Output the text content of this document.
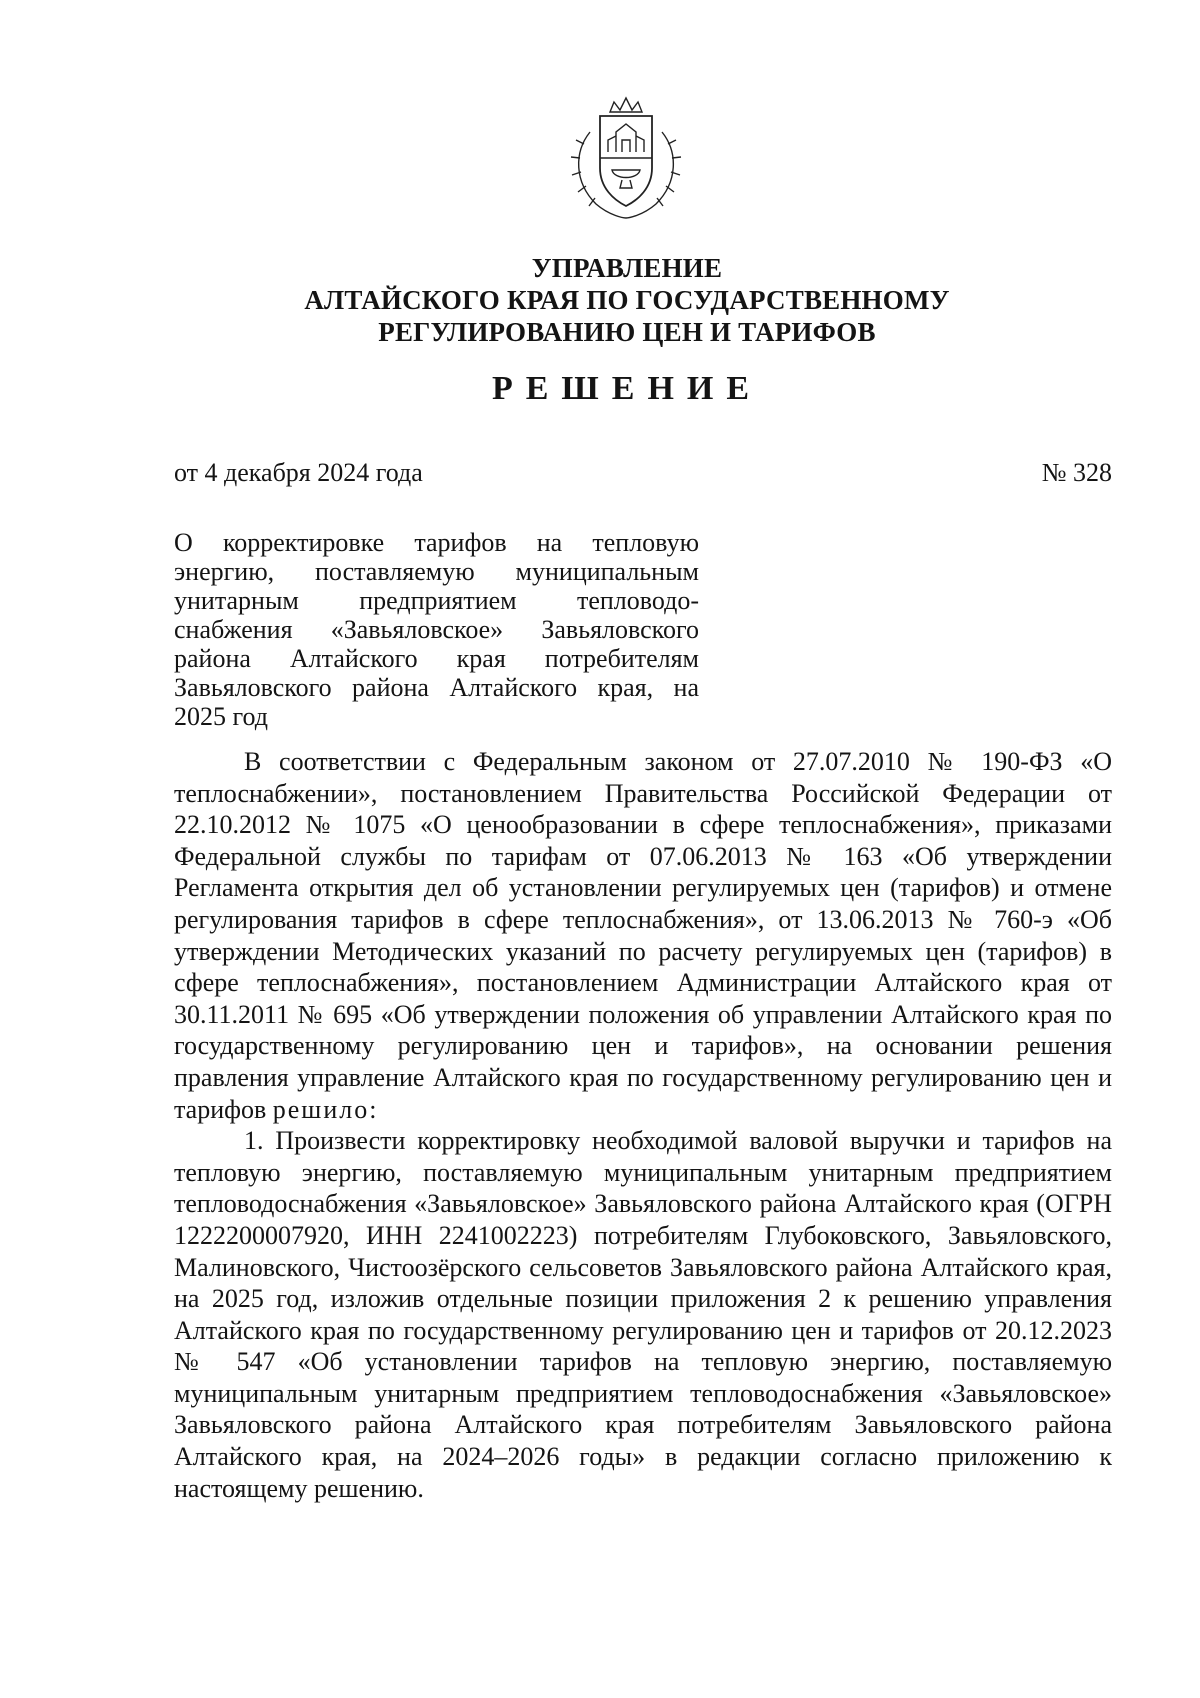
УПРАВЛЕНИЕ
АЛТАЙСКОГО КРАЯ ПО ГОСУДАРСТВЕННОМУ
РЕГУЛИРОВАНИЮ ЦЕН И ТАРИФОВ
РЕШЕНИЕ
от 4 декабря 2024 года	№ 328
О корректировке тарифов на тепловую энергию, поставляемую муниципальным унитарным предприятием тепловодо-снабжения «Завьяловское» Завьяловского района Алтайского края потребителям Завьяловского района Алтайского края, на 2025 год

В соответствии с Федеральным законом от 27.07.2010 № 190-ФЗ «О теплоснабжении», постановлением Правительства Российской Федерации от 22.10.2012 № 1075 «О ценообразовании в сфере теплоснабжения», приказами Федеральной службы по тарифам от 07.06.2013 № 163 «Об утверждении Регламента открытия дел об установлении регулируемых цен (тарифов) и отмене регулирования тарифов в сфере теплоснабжения», от 13.06.2013 № 760-э «Об утверждении Методических указаний по расчету регулируемых цен (тарифов) в сфере теплоснабжения», постановлением Администрации Алтайского края от 30.11.2011 № 695 «Об утверждении положения об управлении Алтайского края по государственному регулированию цен и тарифов», на основании решения правления управление Алтайского края по государственному регулированию цен и тарифов решило:

1. Произвести корректировку необходимой валовой выручки и тарифов на тепловую энергию, поставляемую муниципальным унитарным предприятием тепловодоснабжения «Завьяловское» Завьяловского района Алтайского края (ОГРН 1222200007920, ИНН 2241002223) потребителям Глубоковского, Завьяловского, Малиновского, Чистоозёрского сельсоветов Завьяловского района Алтайского края, на 2025 год, изложив отдельные позиции приложения 2 к решению управления Алтайского края по государственному регулированию цен и тарифов от 20.12.2023 № 547 «Об установлении тарифов на тепловую энергию, поставляемую муниципальным унитарным предприятием тепловодоснабжения «Завьяловское» Завьяловского района Алтайского края потребителям Завьяловского района Алтайского края, на 2024–2026 годы» в редакции согласно приложению к настоящему решению.
